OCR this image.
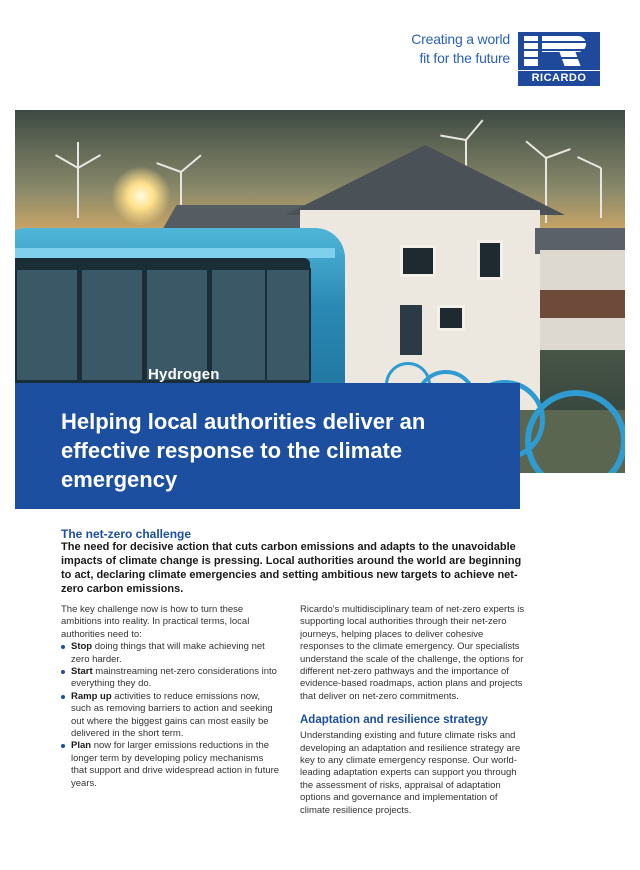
Creating a world
fit for the future
RICARDO
Hydrogen
Helping local authorities deliver an effective response to the climate emergency
The net-zero challenge
The need for decisive action that cuts carbon emissions and adapts to the unavoidable impacts of climate change is pressing. Local authorities around the world are beginning to act, declaring climate emergencies and setting ambitious new targets to achieve net-zero carbon emissions.

The key challenge now is how to turn these ambitions into reality. In practical terms, local authorities need to:

Stop doing things that will make achieving net zero harder.
Start mainstreaming net-zero considerations into everything they do.
Ramp up activities to reduce emissions now, such as removing barriers to action and seeking out where the biggest gains can most easily be delivered in the short term.
Plan now for larger emissions reductions in the longer term by developing policy mechanisms that support and drive widespread action in future years.

Ricardo's multidisciplinary team of net-zero experts is supporting local authorities through their net-zero journeys, helping places to deliver cohesive responses to the climate emergency. Our specialists understand the scale of the challenge, the options for different net-zero pathways and the importance of evidence-based roadmaps, action plans and projects that deliver on net-zero commitments.

Adaptation and resilience strategy

Understanding existing and future climate risks and developing an adaptation and resilience strategy are key to any climate emergency response. Our world-leading adaptation experts can support you through the assessment of risks, appraisal of adaptation options and governance and implementation of climate resilience projects.
